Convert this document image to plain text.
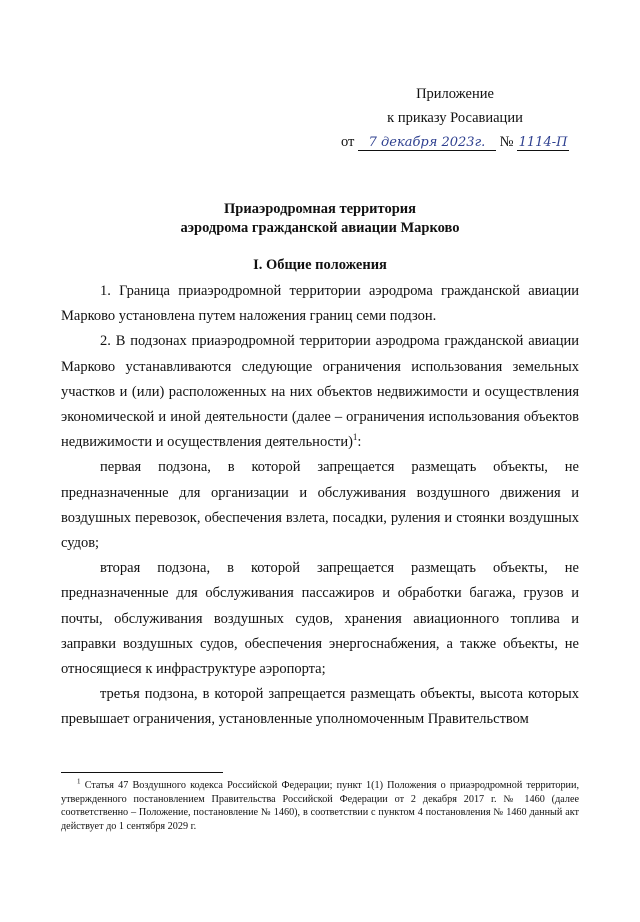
Приложение
к приказу Росавиации
от 7 декабря 2023г. № 1114-П
Приаэродромная территория
аэродрома гражданской авиации Марково
I. Общие положения

1. Граница приаэродромной территории аэродрома гражданской авиации Марково установлена путем наложения границ семи подзон.

2. В подзонах приаэродромной территории аэродрома гражданской авиации Марково устанавливаются следующие ограничения использования земельных участков и (или) расположенных на них объектов недвижимости и осуществления экономической и иной деятельности (далее – ограничения использования объектов недвижимости и осуществления деятельности)$^1$:

первая подзона, в которой запрещается размещать объекты, не предназначенные для организации и обслуживания воздушного движения и воздушных перевозок, обеспечения взлета, посадки, руления и стоянки воздушных судов;

вторая подзона, в которой запрещается размещать объекты, не предназначенные для обслуживания пассажиров и обработки багажа, грузов и почты, обслуживания воздушных судов, хранения авиационного топлива и заправки воздушных судов, обеспечения энергоснабжения, а также объекты, не относящиеся к инфраструктуре аэропорта;

третья подзона, в которой запрещается размещать объекты, высота которых превышает ограничения, установленные уполномоченным Правительством

$^1$ Статья 47 Воздушного кодекса Российской Федерации; пункт 1(1) Положения о приаэродромной территории, утвержденного постановлением Правительства Российской Федерации от 2 декабря 2017 г. № 1460 (далее соответственно – Положение, постановление № 1460), в соответствии с пунктом 4 постановления № 1460 данный акт действует до 1 сентября 2029 г.
